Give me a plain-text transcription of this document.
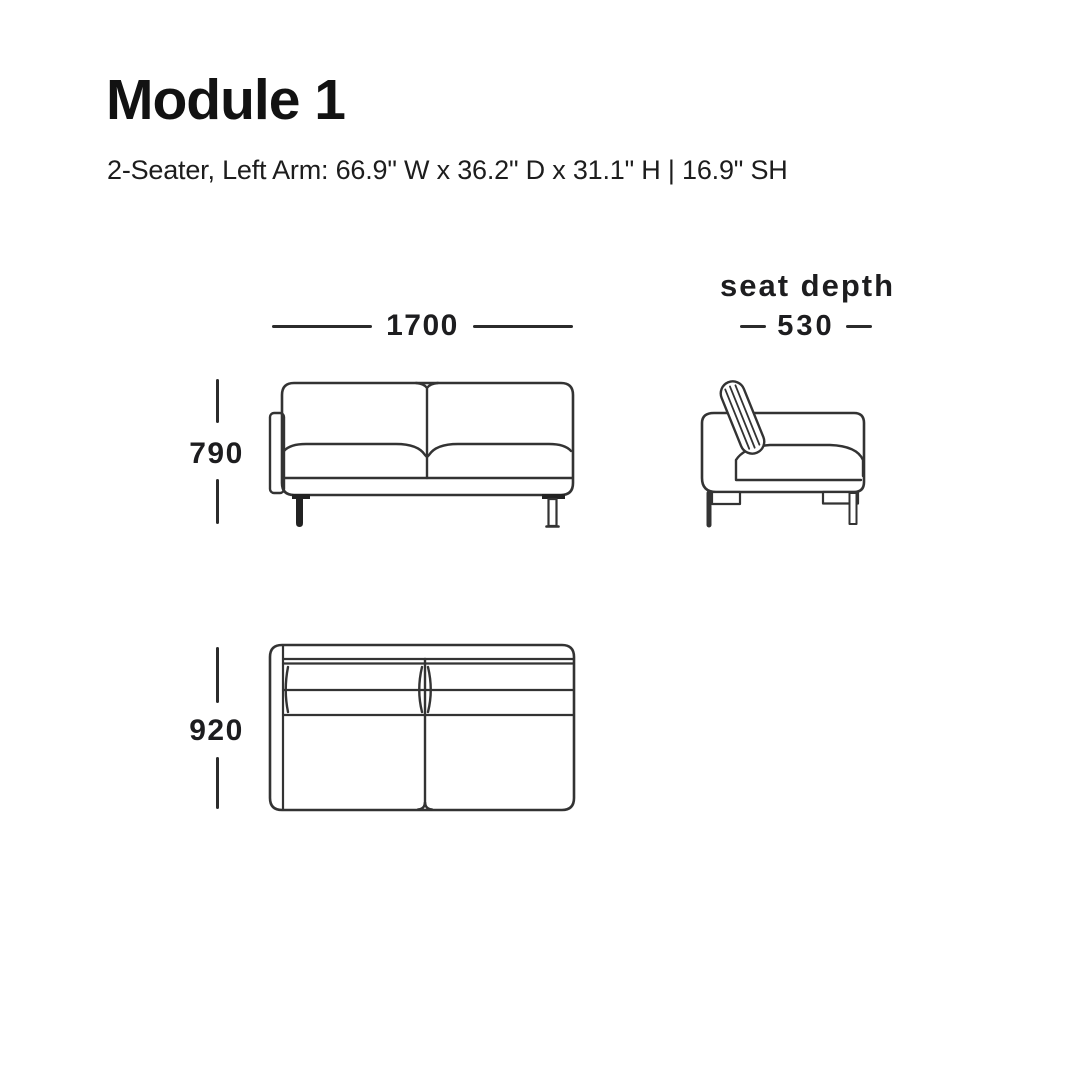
Module 1
2-Seater, Left Arm: 66.9" W x 36.2" D x 31.1" H | 16.9" SH
1700
790
seat depth
530
920
